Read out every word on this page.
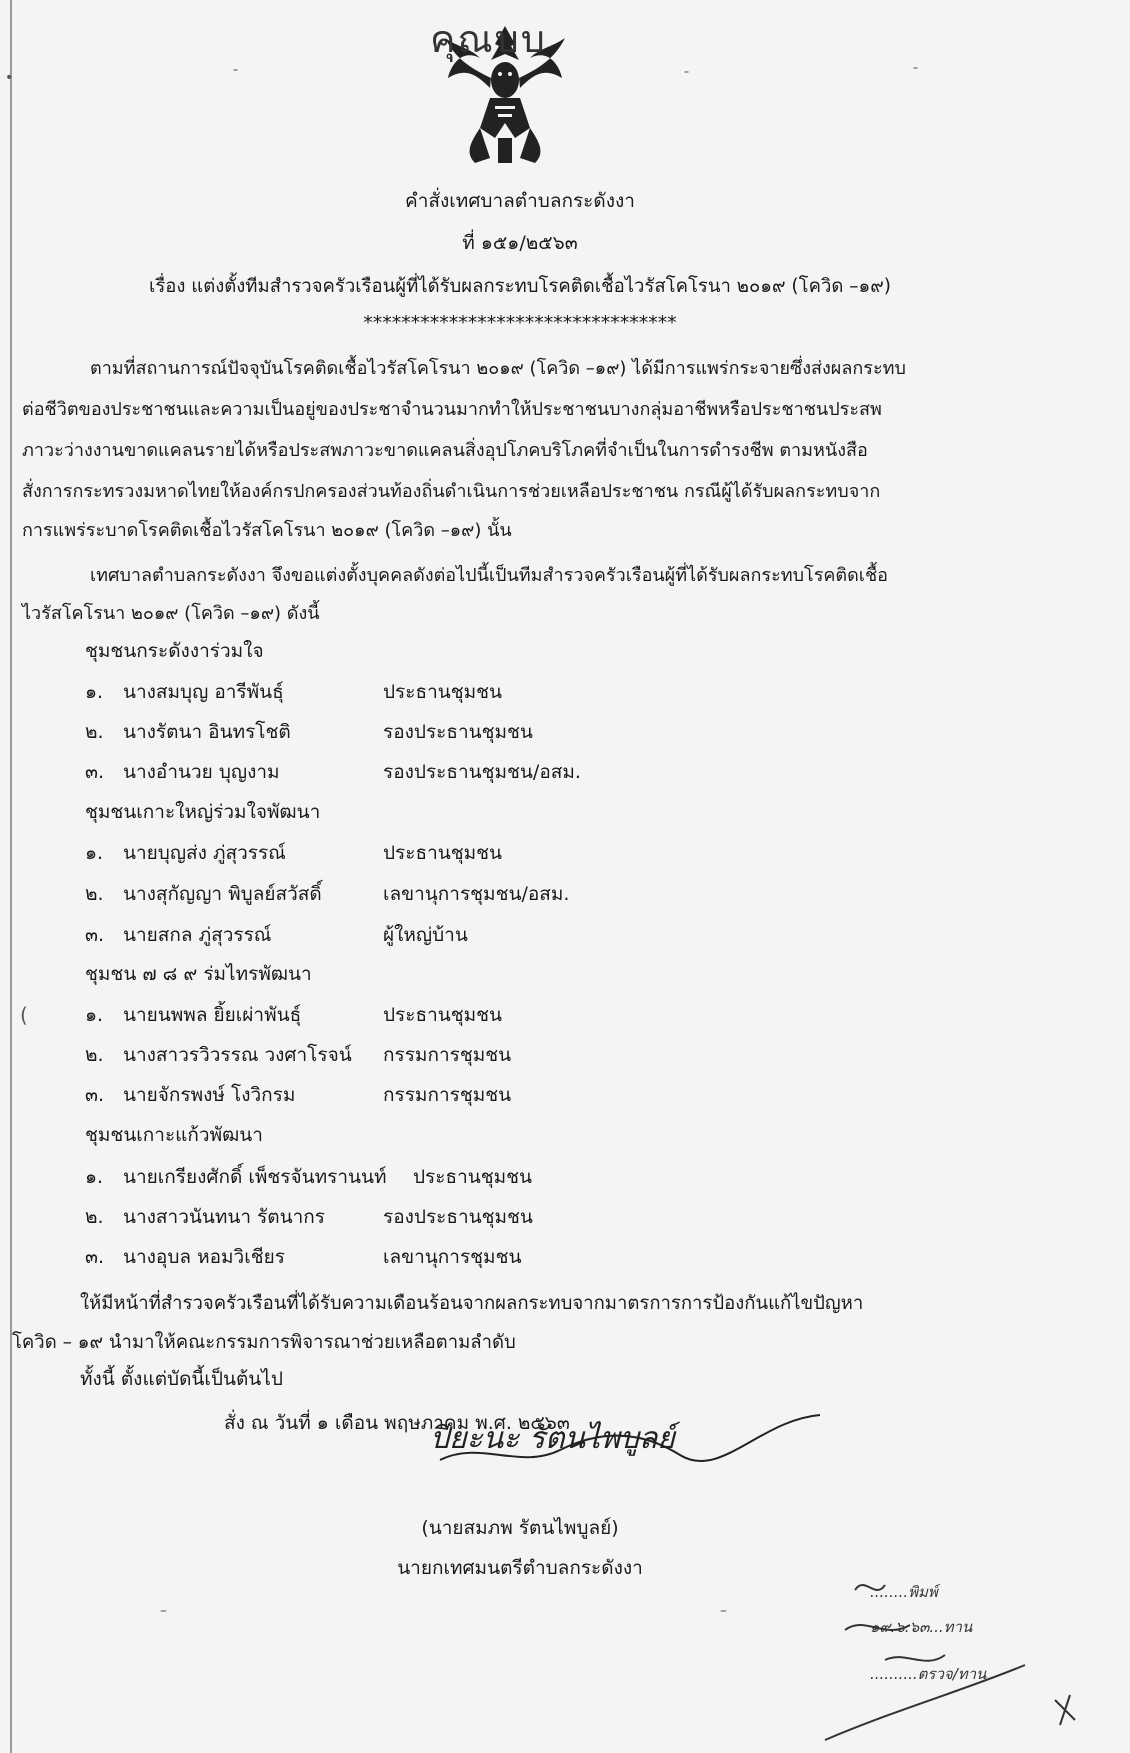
คุณบบ
•	ˉ	ˉ	ˉ
คำสั่งเทศบาลตำบลกระดังงา
ที่ ๑๕๑/๒๕๖๓
เรื่อง แต่งตั้งทีมสำรวจครัวเรือนผู้ที่ได้รับผลกระทบโรคติดเชื้อไวรัสโคโรนา ๒๐๑๙ (โควิด –๑๙)
*********************************
ตามที่สถานการณ์ปัจจุบันโรคติดเชื้อไวรัสโคโรนา ๒๐๑๙ (โควิด –๑๙) ได้มีการแพร่กระจายซึ่งส่งผลกระทบ
ต่อชีวิตของประชาชนและความเป็นอยู่ของประชาจำนวนมากทำให้ประชาชนบางกลุ่มอาชีพหรือประชาชนประสพ
ภาวะว่างงานขาดแคลนรายได้หรือประสพภาวะขาดแคลนสิ่งอุปโภคบริโภคที่จำเป็นในการดำรงชีพ ตามหนังสือ
สั่งการกระทรวงมหาดไทยให้องค์กรปกครองส่วนท้องถิ่นดำเนินการช่วยเหลือประชาชน กรณีผู้ได้รับผลกระทบจาก
การแพร่ระบาดโรคติดเชื้อไวรัสโคโรนา ๒๐๑๙ (โควิด –๑๙) นั้น
เทศบาลตำบลกระดังงา จึงขอแต่งตั้งบุคคลดังต่อไปนี้เป็นทีมสำรวจครัวเรือนผู้ที่ได้รับผลกระทบโรคติดเชื้อ
ไวรัสโคโรนา ๒๐๑๙ (โควิด –๑๙) ดังนี้
ชุมชนกระดังงาร่วมใจ
๑. นางสมบุญ อารีพันธุ์	ประธานชุมชน
๒. นางรัตนา อินทรโชติ	รองประธานชุมชน
๓. นางอำนวย บุญงาม	รองประธานชุมชน/อสม.
ชุมชนเกาะใหญ่ร่วมใจพัฒนา
๑. นายบุญส่ง ภู่สุวรรณ์	ประธานชุมชน
๒. นางสุกัญญา พิบูลย์สวัสดิ์	เลขานุการชุมชน/อสม.
๓. นายสกล ภู่สุวรรณ์	ผู้ใหญ่บ้าน
ชุมชน ๗ ๘ ๙ ร่มไทรพัฒนา
(	๑. นายนพพล ยิ้ยเผ่าพันธุ์	ประธานชุมชน
๒. นางสาวรวิวรรณ วงศาโรจน์ กรรมการชุมชน
๓. นายจักรพงษ์ โงวิกรม	กรรมการชุมชน
ชุมชนเกาะแก้วพัฒนา
๑. นายเกรียงศักดิ์ เพ็ชรจันทรานนท์ ประธานชุมชน
๒. นางสาวนันทนา รัตนากร	รองประธานชุมชน
๓. นางอุบล หอมวิเชียร	เลขานุการชุมชน
ให้มีหน้าที่สำรวจครัวเรือนที่ได้รับความเดือนร้อนจากผลกระทบจากมาตรการการป้องกันแก้ไขปัญหา
โควิด – ๑๙ นำมาให้คณะกรรมการพิจารณาช่วยเหลือตามลำดับ
ทั้งนี้ ตั้งแต่บัดนี้เป็นต้นไป
สั่ง ณ วันที่ ๑ เดือน พฤษภาคม พ.ศ. ๒๕๖๓
ปิยะนะ รัตนไพบูลย์
(นายสมภพ รัตนไพบูลย์)
นายกเทศมนตรีตำบลกระดังงา
–	–
........พิมพ์
๑๙.๖.๖๓...ทาน
..........ตรวจ/ทาน
